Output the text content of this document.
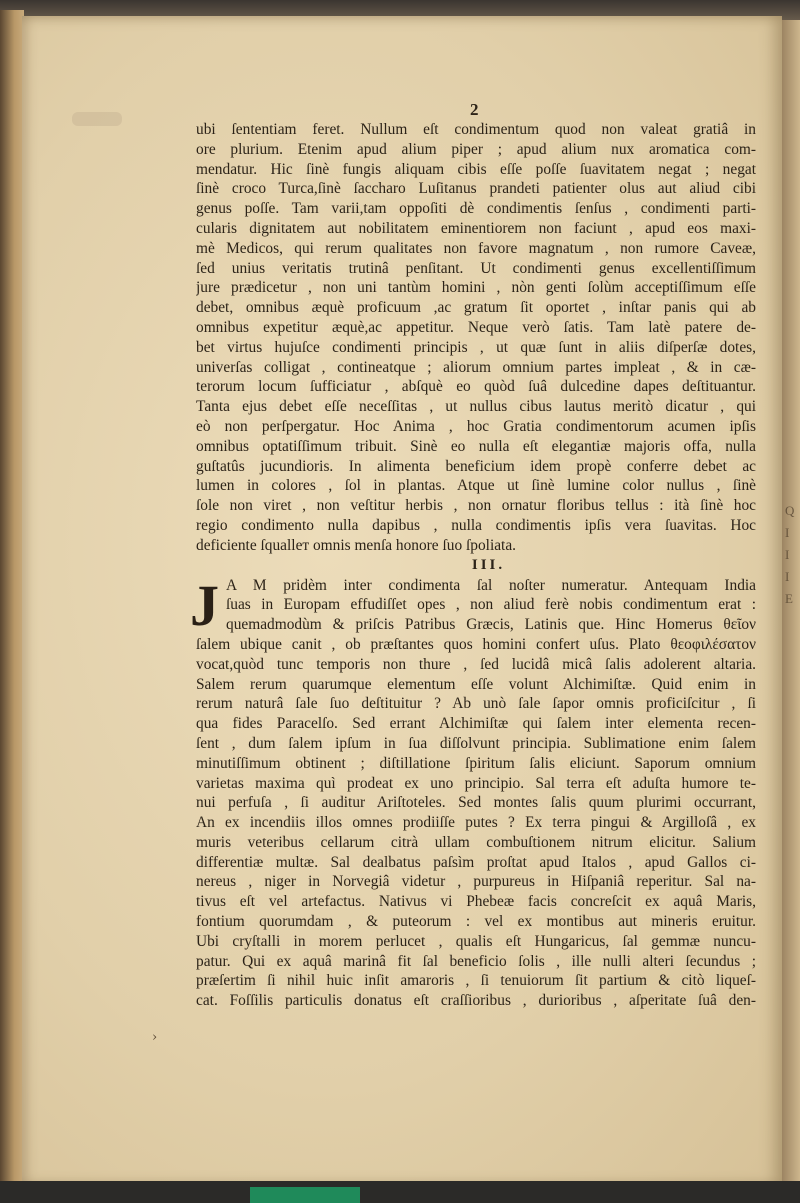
Q
I
I
I
E
2
ubi ſententiam feret. Nullum eſt condimentum quod non valeat gratiâ in
ore plurium. Etenim apud alium piper ; apud alium nux aromatica com-
mendatur. Hic ſinè fungis aliquam cibis eſſe poſſe ſuavitatem negat ; negat
ſinè croco Turca,ſinè ſaccharo Luſitanus prandeti patienter olus aut aliud cibi
genus poſſe. Tam varii,tam oppoſiti dè condimentis ſenſus , condimenti parti-
cularis dignitatem aut nobilitatem eminentiorem non faciunt , apud eos maxi-
mè Medicos, qui rerum qualitates non favore magnatum , non rumore Caveæ,
ſed unius veritatis trutinâ penſitant. Ut condimenti genus excellentiſſimum
jure prædicetur , non uni tantùm homini , nòn genti ſolùm acceptiſſimum eſſe
debet, omnibus æquè proficuum ,ac gratum ſit oportet , inſtar panis qui ab
omnibus expetitur æquè,ac appetitur. Neque verò ſatis. Tam latè patere de-
bet virtus hujuſce condimenti principis , ut quæ ſunt in aliis diſperſæ dotes,
univerſas colligat , contineatque ; aliorum omnium partes impleat , & in cæ-
terorum locum ſufficiatur , abſquè eo quòd ſuâ dulcedine dapes deſtituantur.
Tanta ejus debet eſſe neceſſitas , ut nullus cibus lautus meritò dicatur , qui
eò non perſpergatur. Hoc Anima , hoc Gratia condimentorum acumen ipſis
omnibus optatiſſimum tribuit. Sinè eo nulla eſt elegantiæ majoris offa, nulla
guſtatûs jucundioris. In alimenta beneficium idem propè conferre debet ac
lumen in colores , ſol in plantas. Atque ut ſinè lumine color nullus , ſinè
ſole non viret , non veſtitur herbis , non ornatur floribus tellus : ità ſinè hoc
regio condimento nulla dapibus , nulla condimentis ipſis vera ſuavitas. Hoc
deficiente ſqualleт omnis menſa honore ſuo ſpoliata.
III.
J A M pridèm inter condimenta ſal noſter numeratur. Antequam India
ſuas in Europam effudiſſet opes , non aliud ferè nobis condimentum erat :
quemadmodùm & priſcis Patribus Græcis, Latinis que. Hinc Homerus θεῖον
ſalem ubique canit , ob præſtantes quos homini confert uſus. Plato θεοφιλέσατον
vocat,quòd tunc temporis non thure , ſed lucidâ micâ ſalis adolerent altaria.
Salem rerum quarumque elementum eſſe volunt Alchimiſtæ. Quid enim in
rerum naturâ ſale ſuo deſtituitur ? Ab unò ſale ſapor omnis proficiſcitur , ſi
qua fides Paracelſo. Sed errant Alchimiſtæ qui ſalem inter elementa recen-
ſent , dum ſalem ipſum in ſua diſſolvunt principia. Sublimatione enim ſalem
minutiſſimum obtinent ; diſtillatione ſpiritum ſalis eliciunt. Saporum omnium
varietas maxima quì prodeat ex uno principio. Sal terra eſt aduſta humore te-
nui perfuſa , ſi auditur Ariſtoteles. Sed montes ſalis quum plurimi occurrant,
An ex incendiis illos omnes prodiiſſe putes ? Ex terra pingui & Argilloſâ , ex
muris veteribus cellarum citrà ullam combuſtionem nitrum elicitur. Salium
differentiæ multæ. Sal dealbatus paſsìm proſtat apud Italos , apud Gallos ci-
nereus , niger in Norvegiâ videtur , purpureus in Hiſpaniâ reperitur. Sal na-
tivus eſt vel artefactus. Nativus vi Phebeæ facis concreſcit ex aquâ Maris,
fontium quorumdam , & puteorum : vel ex montibus aut mineris eruitur.
Ubi cryſtalli in morem perlucet , qualis eſt Hungaricus, ſal gemmæ nuncu-
patur. Qui ex aquâ marinâ fit ſal beneficio ſolis , ille nulli alteri ſecundus ;
præſertim ſi nihil huic inſit amaroris , ſi tenuiorum ſit partium & citò liqueſ-
cat. Foſſilis particulis donatus eſt craſſioribus , durioribus , aſperitate ſuâ den-
›
